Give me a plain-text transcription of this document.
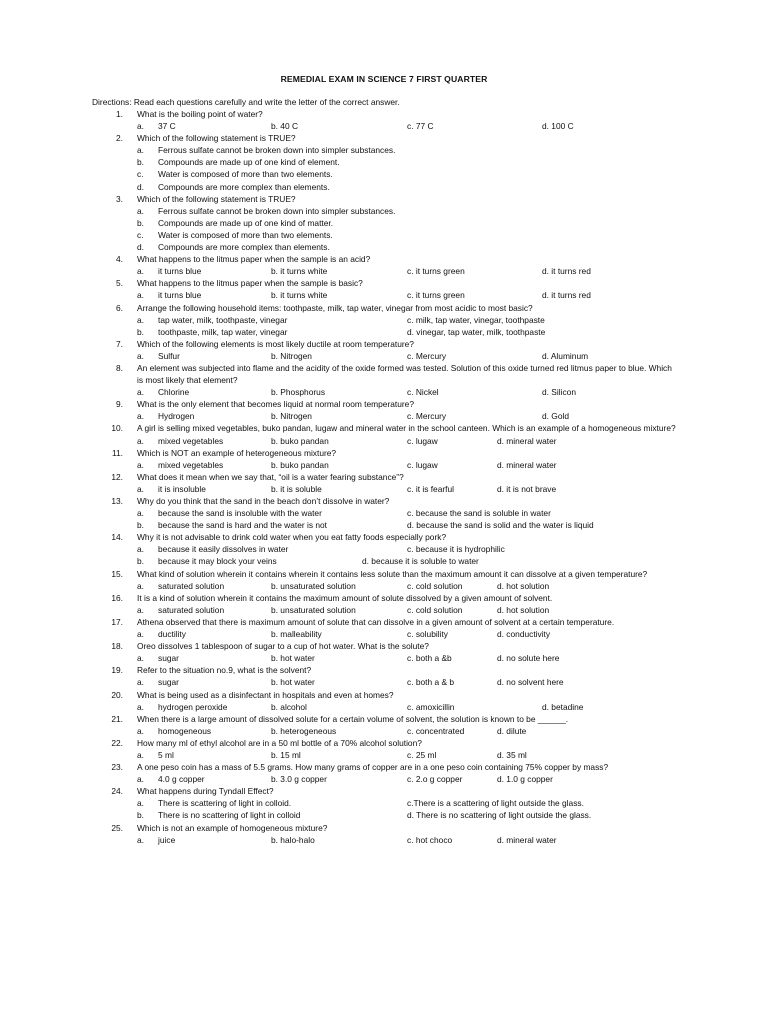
REMEDIAL EXAM IN SCIENCE 7 FIRST QUARTER
Directions: Read each questions carefully and write the letter of the correct answer.
1. What is the boiling point of water?
a. 37 C	b. 40 C	c. 77 C	d. 100 C
2. Which of the following statement is TRUE?
a. Ferrous sulfate cannot be broken down into simpler substances.
b. Compounds are made up of one kind of element.
c. Water is composed of more than two elements.
d. Compounds are more complex than elements.
3. Which of the following statement is TRUE?
a. Ferrous sulfate cannot be broken down into simpler substances.
b. Compounds are made up of one kind of matter.
c. Water is composed of more than two elements.
d. Compounds are more complex than elements.
4. What happens to the litmus paper when the sample is an acid?
a. it turns blue	b. it turns white	c. it turns green	d. it turns red
5. What happens to the litmus paper when the sample is basic?
a. it turns blue	b. it turns white	c. it turns green	d. it turns red
6. Arrange the following household items: toothpaste, milk, tap water, vinegar from most acidic to most basic?
a. tap water, milk, toothpaste, vinegar	c. milk, tap water, vinegar, toothpaste
b. toothpaste, milk, tap water, vinegar	d. vinegar, tap water, milk, toothpaste
7. Which of the following elements is most likely ductile at room temperature?
a. Sulfur	b. Nitrogen	c. Mercury	d. Aluminum
8. An element was subjected into flame and the acidity of the oxide formed was tested. Solution of this oxide turned red litmus paper to blue. Which is most likely that element?
a. Chlorine	b. Phosphorus	c. Nickel	d. Silicon
9. What is the only element that becomes liquid at normal room temperature?
a. Hydrogen	b. Nitrogen	c. Mercury	d. Gold
10. A girl is selling mixed vegetables, buko pandan, lugaw and mineral water in the school canteen. Which is an example of a homogeneous mixture?
a. mixed vegetables	b. buko pandan	c. lugaw	d. mineral water
11. Which is NOT an example of heterogeneous mixture?
a. mixed vegetables	b. buko pandan	c. lugaw	d. mineral water
12. What does it mean when we say that, “oil is a water fearing substance”?
a. it is insoluble	b. it is soluble	c. it is fearful	d. it is not brave
13. Why do you think that the sand in the beach don’t dissolve in water?
a. because the sand is insoluble with the water	c. because the sand is soluble in water
b. because the sand is hard and the water is not	d. because the sand is solid and the water is liquid
14. Why it is not advisable to drink cold water when you eat fatty foods especially pork?
a. because it easily dissolves in water	c. because it is hydrophilic
b. because it may block your veins	d. because it is soluble to water
15. What kind of solution wherein it contains wherein it contains less solute than the maximum amount it can dissolve at a given temperature?
a. saturated solution	b. unsaturated solution	c. cold solution	d. hot solution
16. It is a kind of solution wherein it contains the maximum amount of solute dissolved by a given amount of solvent.
a. saturated solution	b. unsaturated solution	c. cold solution	d. hot solution
17. Athena observed that there is maximum amount of solute that can dissolve in a given amount of solvent at a certain temperature.
a. ductility	b. malleability	c. solubility	d. conductivity
18. Oreo dissolves 1 tablespoon of sugar to a cup of hot water. What is the solute?
a. sugar	b. hot water	c. both a &b	d. no solute here
19. Refer to the situation no.9, what is the solvent?
a. sugar	b. hot water	c. both a & b	d. no solvent here
20. What is being used as a disinfectant in hospitals and even at homes?
a. hydrogen peroxide	b. alcohol	c. amoxicillin	d. betadine
21. When there is a large amount of dissolved solute for a certain volume of solvent, the solution is known to be ______.
a. homogeneous	b. heterogeneous	c. concentrated	d. dilute
22. How many ml of ethyl alcohol are in a 50 ml bottle of a 70% alcohol solution?
a. 5 ml	b. 15 ml	c. 25 ml	d. 35 ml
23. A one peso coin has a mass of 5.5 grams. How many grams of copper are in a one peso coin containing 75% copper by mass?
a. 4.0 g copper	b. 3.0 g copper	c. 2.o g copper	d. 1.0 g copper
24. What happens during Tyndall Effect?
a. There is scattering of light in colloid.	c.There is a scattering of light outside the glass.
b. There is no scattering of light in colloid	d. There is no scattering of light outside the glass.
25. Which is not an example of homogeneous mixture?
a. juice	b. halo-halo	c. hot choco	d. mineral water
